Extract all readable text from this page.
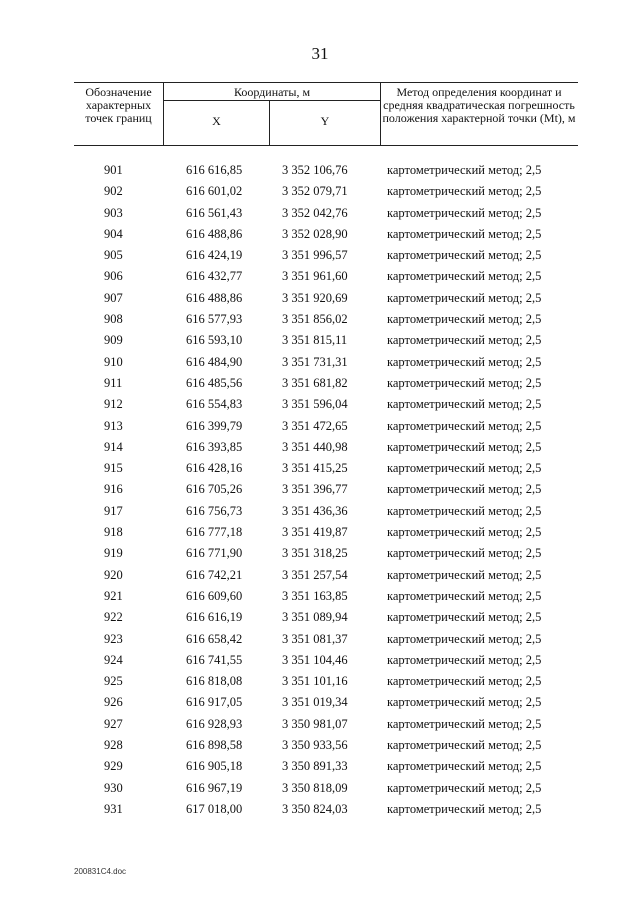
31
Обозначение характерных точек границ
Координаты, м
X	Y
Метод определения координат и средняя квадратическая погрешность положения характерной точки (Mt), м
901	616 616,85	3 352 106,76	картометрический метод; 2,5
902	616 601,02	3 352 079,71	картометрический метод; 2,5
903	616 561,43	3 352 042,76	картометрический метод; 2,5
904	616 488,86	3 352 028,90	картометрический метод; 2,5
905	616 424,19	3 351 996,57	картометрический метод; 2,5
906	616 432,77	3 351 961,60	картометрический метод; 2,5
907	616 488,86	3 351 920,69	картометрический метод; 2,5
908	616 577,93	3 351 856,02	картометрический метод; 2,5
909	616 593,10	3 351 815,11	картометрический метод; 2,5
910	616 484,90	3 351 731,31	картометрический метод; 2,5
911	616 485,56	3 351 681,82	картометрический метод; 2,5
912	616 554,83	3 351 596,04	картометрический метод; 2,5
913	616 399,79	3 351 472,65	картометрический метод; 2,5
914	616 393,85	3 351 440,98	картометрический метод; 2,5
915	616 428,16	3 351 415,25	картометрический метод; 2,5
916	616 705,26	3 351 396,77	картометрический метод; 2,5
917	616 756,73	3 351 436,36	картометрический метод; 2,5
918	616 777,18	3 351 419,87	картометрический метод; 2,5
919	616 771,90	3 351 318,25	картометрический метод; 2,5
920	616 742,21	3 351 257,54	картометрический метод; 2,5
921	616 609,60	3 351 163,85	картометрический метод; 2,5
922	616 616,19	3 351 089,94	картометрический метод; 2,5
923	616 658,42	3 351 081,37	картометрический метод; 2,5
924	616 741,55	3 351 104,46	картометрический метод; 2,5
925	616 818,08	3 351 101,16	картометрический метод; 2,5
926	616 917,05	3 351 019,34	картометрический метод; 2,5
927	616 928,93	3 350 981,07	картометрический метод; 2,5
928	616 898,58	3 350 933,56	картометрический метод; 2,5
929	616 905,18	3 350 891,33	картометрический метод; 2,5
930	616 967,19	3 350 818,09	картометрический метод; 2,5
931	617 018,00	3 350 824,03	картометрический метод; 2,5
200831C4.doc
